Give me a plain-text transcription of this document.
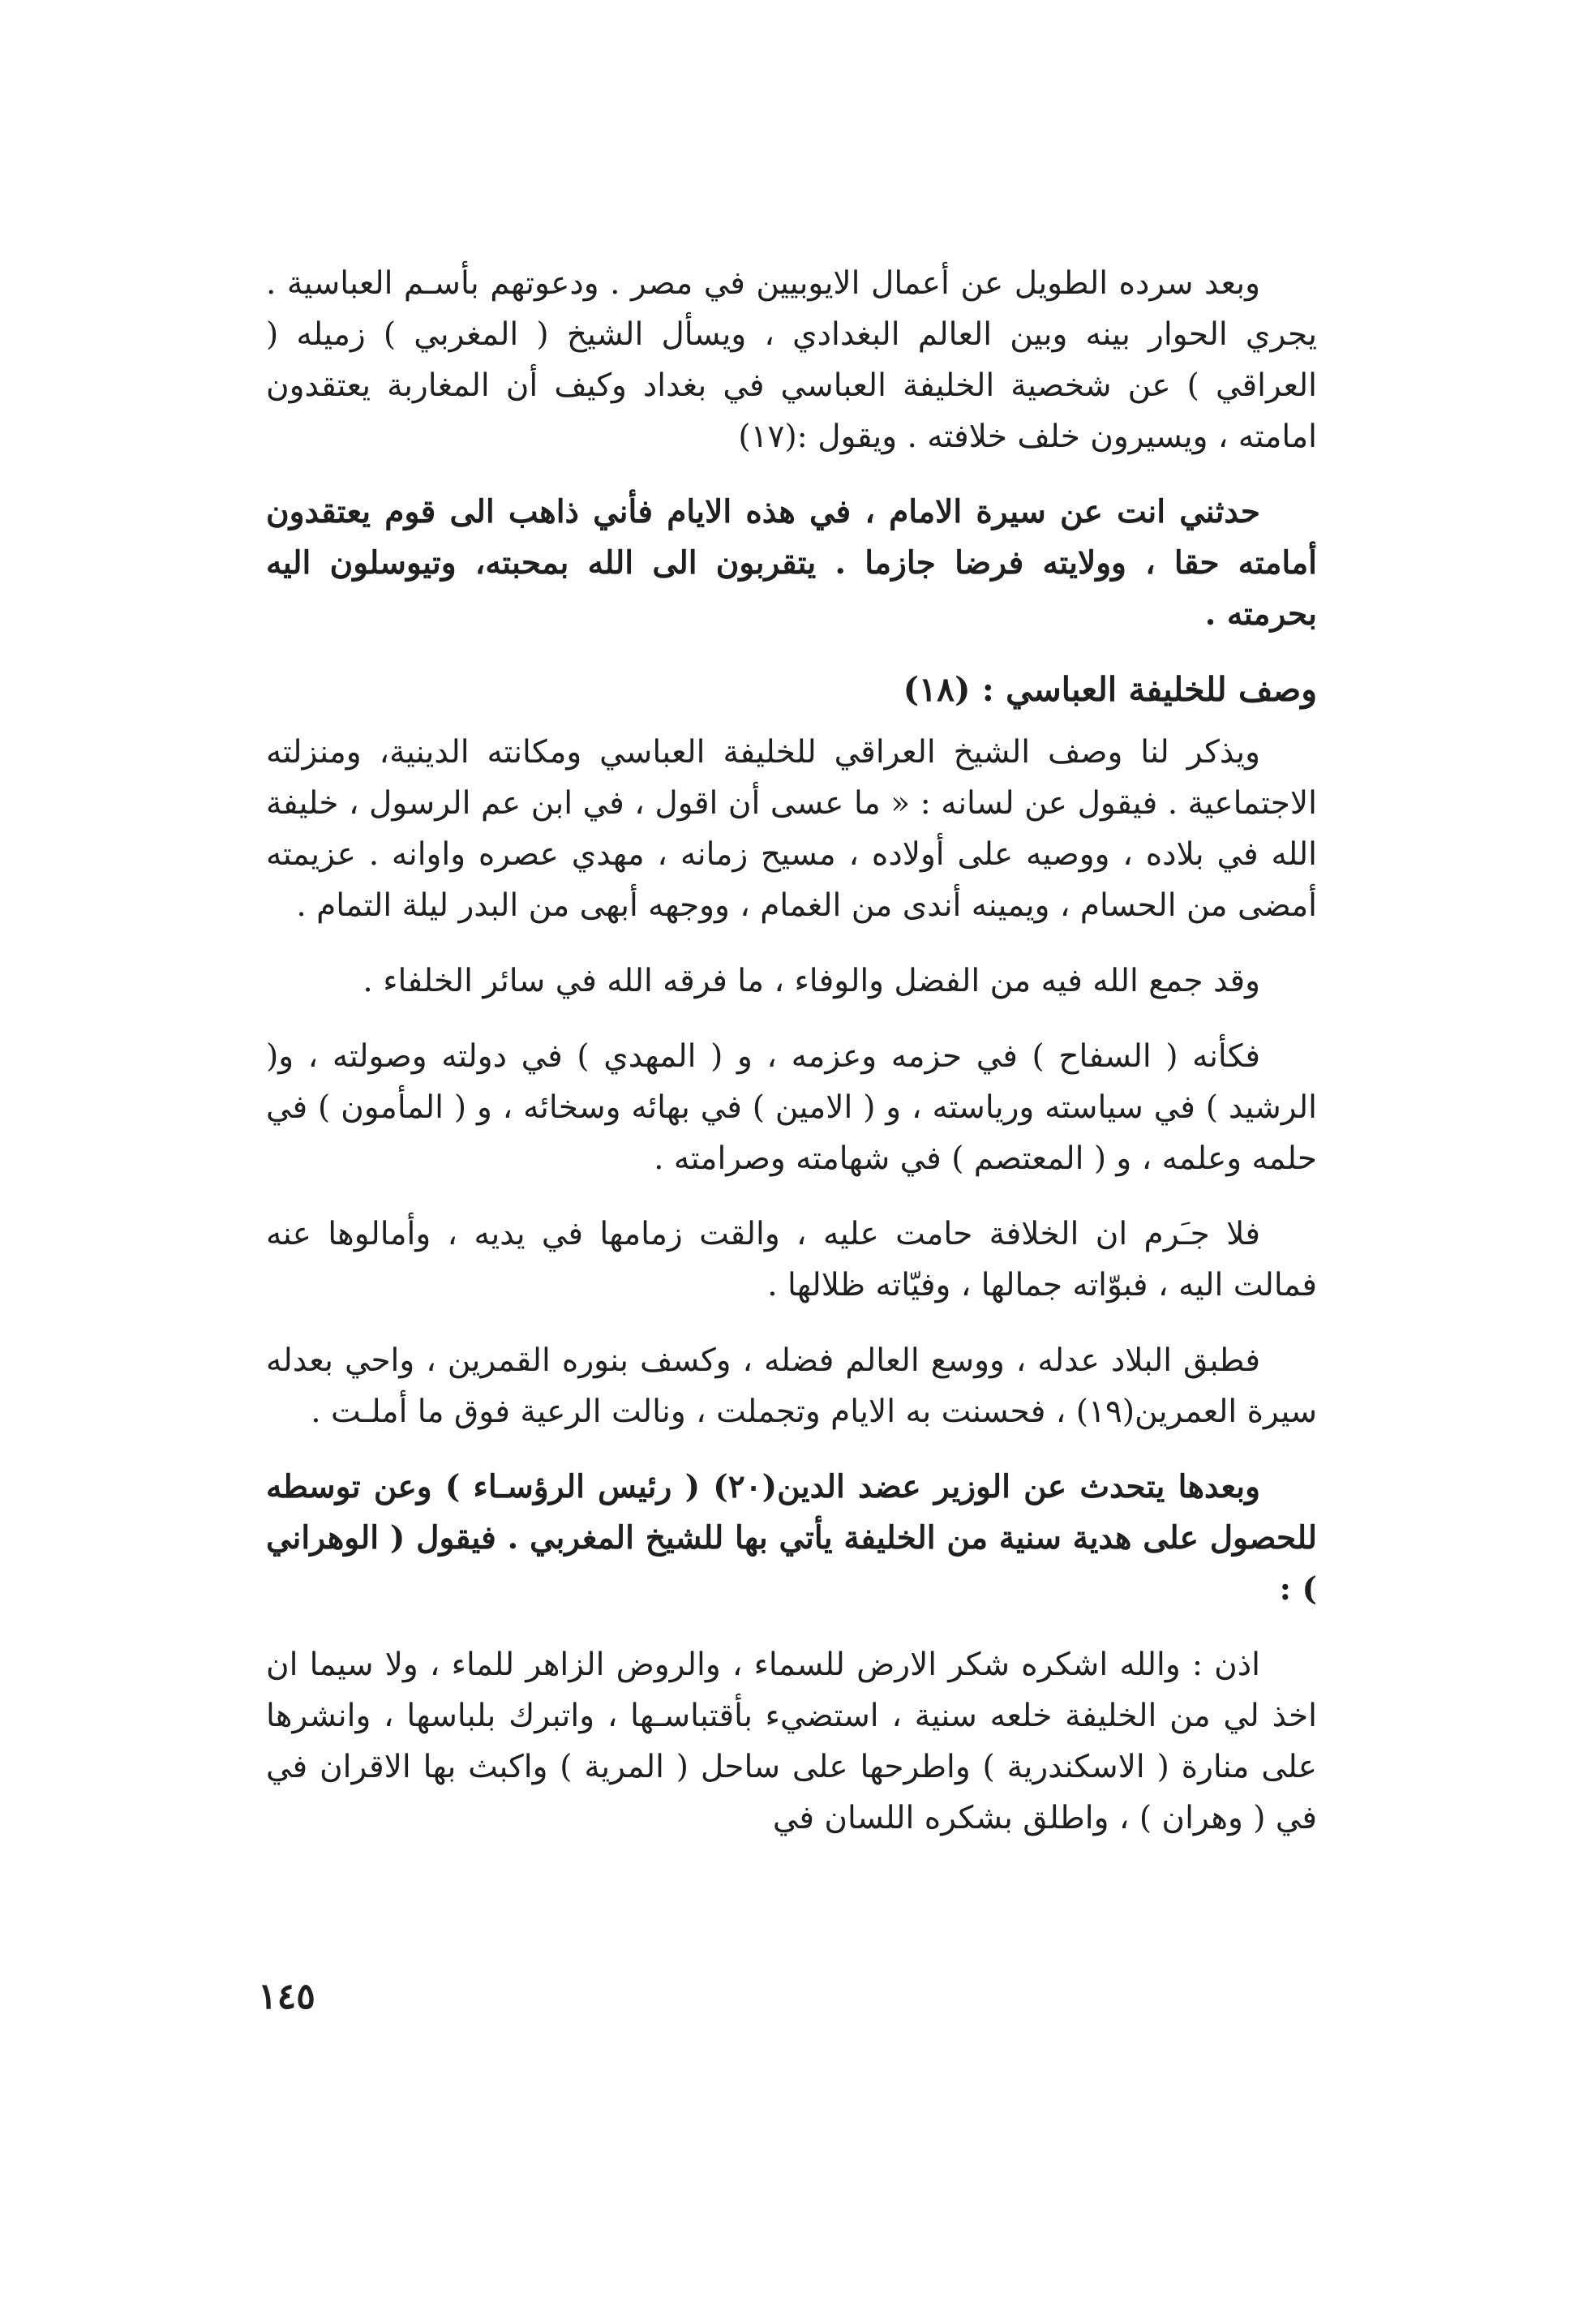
وبعد سرده الطويل عن أعمال الايوبيين في مصر . ودعوتهم بأسـم العباسية . يجري الحوار بينه وبين العالم البغدادي ، ويسأل الشيخ ( المغربي ) زميله ( العراقي ) عن شخصية الخليفة العباسي في بغداد وكيف أن المغاربة يعتقدون امامته ، ويسيرون خلف خلافته . ويقول :(١٧)

حدثني انت عن سيرة الامام ، في هذه الايام فأني ذاهب الى قوم يعتقدون أمامته حقا ، وولايته فرضا جازما . يتقربون الى الله بمحبته، وتيوسلون اليه بحرمته .

وصف للخليفة العباسي : (١٨)

ويذكر لنا وصف الشيخ العراقي للخليفة العباسي ومكانته الدينية، ومنزلته الاجتماعية . فيقول عن لسانه : « ما عسى أن اقول ، في ابن عم الرسول ، خليفة الله في بلاده ، ووصيه على أولاده ، مسيح زمانه ، مهدي عصره واوانه . عزيمته أمضى من الحسام ، ويمينه أندى من الغمام ، ووجهه أبهى من البدر ليلة التمام .

وقد جمع الله فيه من الفضل والوفاء ، ما فرقه الله في سائر الخلفاء .

فكأنه ( السفاح ) في حزمه وعزمه ، و ( المهدي ) في دولته وصولته ، و( الرشيد ) في سياسته ورياسته ، و ( الامين ) في بهائه وسخائه ، و ( المأمون ) في حلمه وعلمه ، و ( المعتصم ) في شهامته وصرامته .

فلا جـَرم ان الخلافة حامت عليه ، والقت زمامها في يديه ، وأمالوها عنه فمالت اليه ، فبوّاته جمالها ، وفيّاته ظلالها .

فطبق البلاد عدله ، ووسع العالم فضله ، وكسف بنوره القمرين ، واحي بعدله سيرة العمرين(١٩) ، فحسنت به الايام وتجملت ، ونالت الرعية فوق ما أملـت .

وبعدها يتحدث عن الوزير عضد الدين(٢٠) ( رئيس الرؤسـاء ) وعن توسطه للحصول على هدية سنية من الخليفة يأتي بها للشيخ المغربي . فيقول ( الوهراني ) :

اذن : والله اشكره شكر الارض للسماء ، والروض الزاهر للماء ، ولا سيما ان اخذ لي من الخليفة خلعه سنية ، استضيء بأقتباسـها ، واتبرك بلباسها ، وانشرها على منارة ( الاسكندرية ) واطرحها على ساحل ( المرية ) واكبث بها الاقران في في ( وهران ) ، واطلق بشكره اللسان في

١٤٥
